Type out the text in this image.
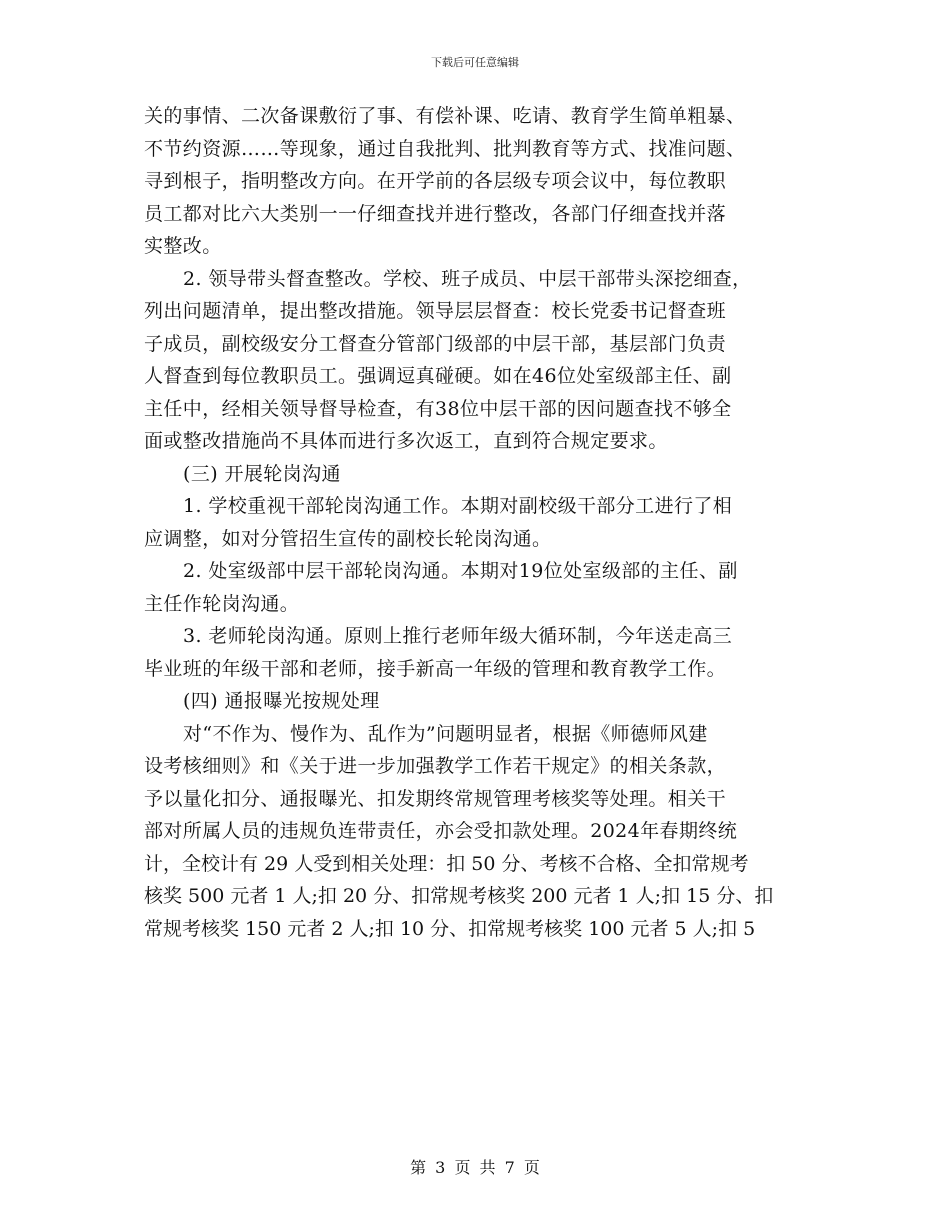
下载后可任意编辑
关的事情、二次备课敷衍了事、有偿补课、吃请、教育学生简单粗暴、
不节约资源……等现象，通过自我批判、批判教育等方式、找准问题、
寻到根子，指明整改方向。在开学前的各层级专项会议中，每位教职
员工都对比六大类别一一仔细查找并进行整改，各部门仔细查找并落
实整改。
2. 领导带头督查整改。学校、班子成员、中层干部带头深挖细查，
列出问题清单，提出整改措施。领导层层督查：校长党委书记督查班
子成员，副校级安分工督查分管部门级部的中层干部，基层部门负责
人督查到每位教职员工。强调逗真碰硬。如在46位处室级部主任、副
主任中，经相关领导督导检查，有38位中层干部的因问题查找不够全
面或整改措施尚不具体而进行多次返工，直到符合规定要求。
(三) 开展轮岗沟通
1. 学校重视干部轮岗沟通工作。本期对副校级干部分工进行了相
应调整，如对分管招生宣传的副校长轮岗沟通。
2. 处室级部中层干部轮岗沟通。本期对19位处室级部的主任、副
主任作轮岗沟通。
3. 老师轮岗沟通。原则上推行老师年级大循环制，今年送走高三
毕业班的年级干部和老师，接手新高一年级的管理和教育教学工作。
(四) 通报曝光按规处理
对“不作为、慢作为、乱作为”问题明显者，根据《师德师风建
设考核细则》和《关于进一步加强教学工作若干规定》的相关条款，
予以量化扣分、通报曝光、扣发期终常规管理考核奖等处理。相关干
部对所属人员的违规负连带责任，亦会受扣款处理。2024年春期终统
计，全校计有 29 人受到相关处理：扣 50 分、考核不合格、全扣常规考
核奖 500 元者 1 人;扣 20 分、扣常规考核奖 200 元者 1 人;扣 15 分、扣
常规考核奖 150 元者 2 人;扣 10 分、扣常规考核奖 100 元者 5 人;扣 5
第 3 页 共 7 页
